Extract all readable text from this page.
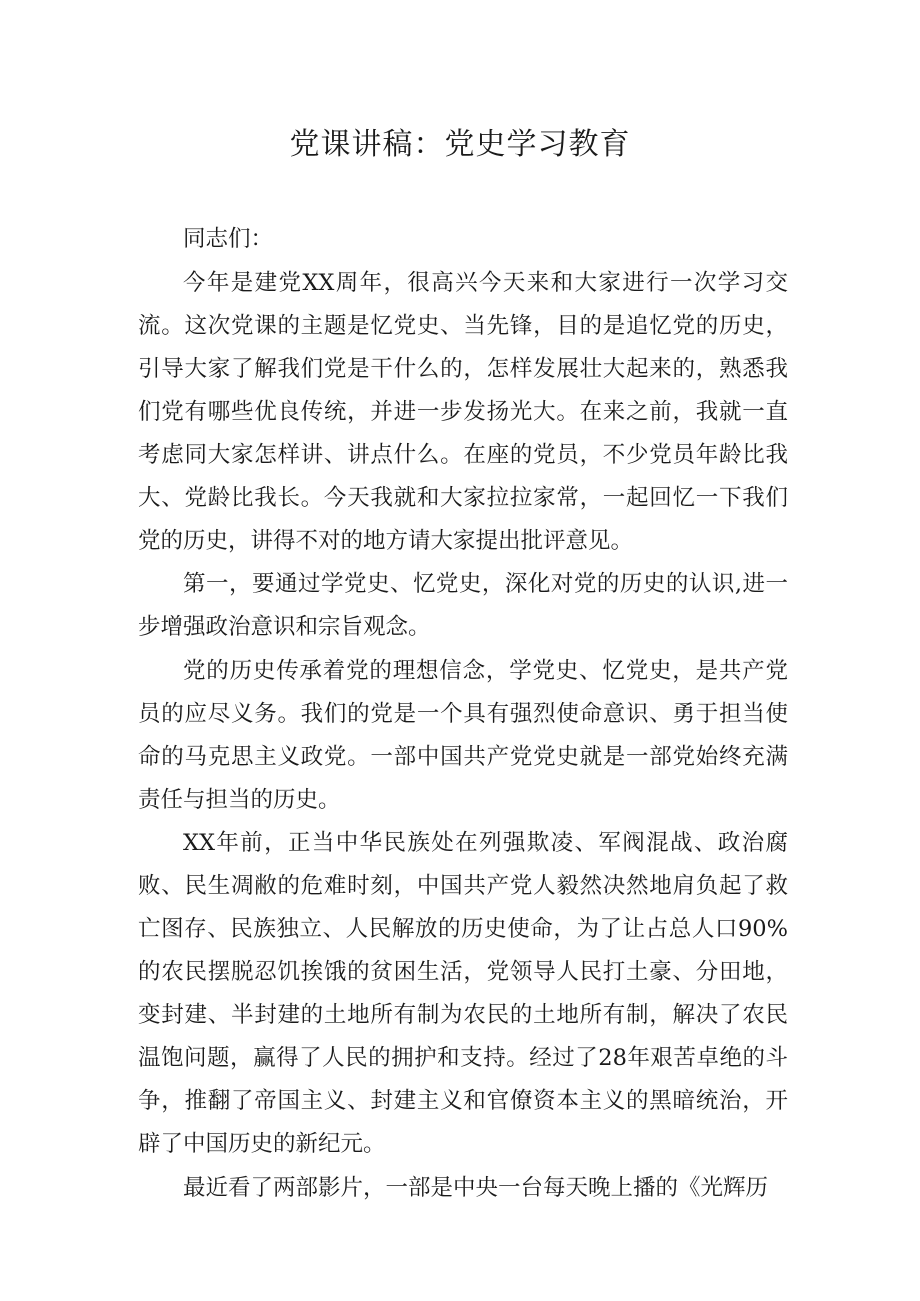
党课讲稿：党史学习教育

同志们：

今年是建党XX周年，很高兴今天来和大家进行一次学习交流。这次党课的主题是忆党史、当先锋，目的是追忆党的历史，引导大家了解我们党是干什么的，怎样发展壮大起来的，熟悉我们党有哪些优良传统，并进一步发扬光大。在来之前，我就一直考虑同大家怎样讲、讲点什么。在座的党员，不少党员年龄比我大、党龄比我长。今天我就和大家拉拉家常，一起回忆一下我们党的历史，讲得不对的地方请大家提出批评意见。

第一，要通过学党史、忆党史，深化对党的历史的认识,进一步增强政治意识和宗旨观念。

党的历史传承着党的理想信念，学党史、忆党史，是共产党员的应尽义务。我们的党是一个具有强烈使命意识、勇于担当使命的马克思主义政党。一部中国共产党党史就是一部党始终充满责任与担当的历史。

XX年前，正当中华民族处在列强欺凌、军阀混战、政治腐败、民生凋敝的危难时刻，中国共产党人毅然决然地肩负起了救亡图存、民族独立、人民解放的历史使命，为了让占总人口90%的农民摆脱忍饥挨饿的贫困生活，党领导人民打土豪、分田地，变封建、半封建的土地所有制为农民的土地所有制，解决了农民温饱问题，赢得了人民的拥护和支持。经过了28年艰苦卓绝的斗争，推翻了帝国主义、封建主义和官僚资本主义的黑暗统治，开辟了中国历史的新纪元。

最近看了两部影片，一部是中央一台每天晚上播的《光辉历
